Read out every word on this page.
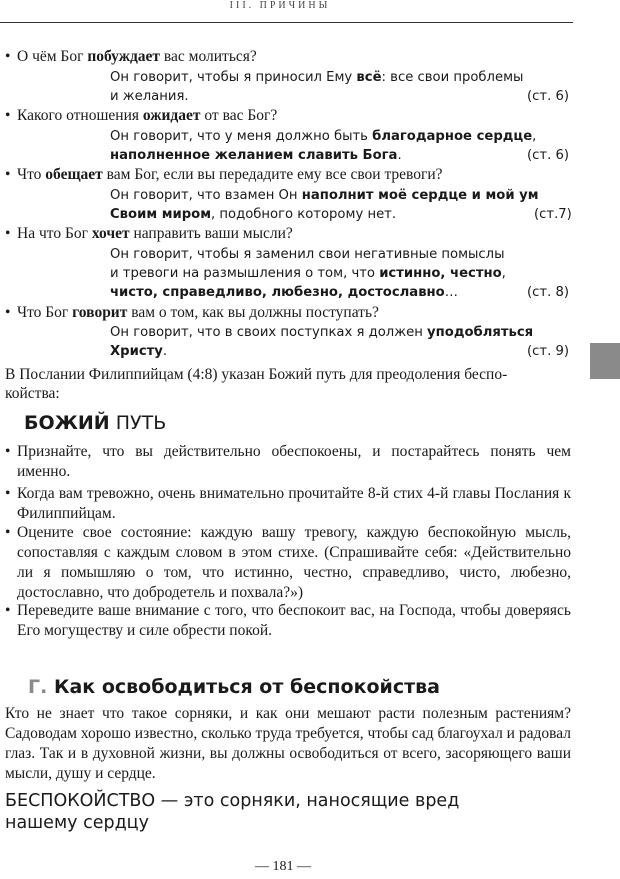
III. ПРИЧИНЫ
• О чём Бог побуждает вас молиться?
Он говорит, чтобы я приносил Ему всё: все свои проблемы
и желания.	(ст. 6)
• Какого отношения ожидает от вас Бог?
Он говорит, что у меня должно быть благодарное сердце,
наполненное желанием славить Бога.	(ст. 6)
• Что обещает вам Бог, если вы передадите ему все свои тревоги?
Он говорит, что взамен Он наполнит моё сердце и мой ум
Своим миром, подобного которому нет.	(ст.7)
• На что Бог хочет направить ваши мысли?
Он говорит, чтобы я заменил свои негативные помыслы
и тревоги на размышления о том, что истинно, честно,
чисто, справедливо, любезно, достославно…	(ст. 8)
• Что Бог говорит вам о том, как вы должны поступать?
Он говорит, что в своих поступках я должен уподобляться
Христу.	(ст. 9)
В Послании Филиппийцам (4:8) указан Божий путь для преодоления беспо-
койства:
БОЖИЙ ПУТЬ
• Признайте, что вы действительно обеспокоены, и постарайтесь понять чем именно.
• Когда вам тревожно, очень внимательно прочитайте 8-й стих 4-й главы Послания к Филиппийцам.
• Оцените свое состояние: каждую вашу тревогу, каждую беспокойную мысль, сопоставляя с каждым словом в этом стихе. (Спрашивайте себя: «Действительно ли я помышляю о том, что истинно, честно, справедливо, чисто, любезно, достославно, что добродетель и похвала?»)
• Переведите ваше внимание с того, что беспокоит вас, на Господа, чтобы доверяясь Его могуществу и силе обрести покой.
Г. Как освободиться от беспокойства
Кто не знает что такое сорняки, и как они мешают расти полезным растениям? Садоводам хорошо известно, сколько труда требуется, чтобы сад благоухал и радовал глаз. Так и в духовной жизни, вы должны освободиться от всего, засоряющего ваши мысли, душу и сердце.
БЕСПОКОЙСТВО — это сорняки, наносящие вред
нашему сердцу
— 181 —
